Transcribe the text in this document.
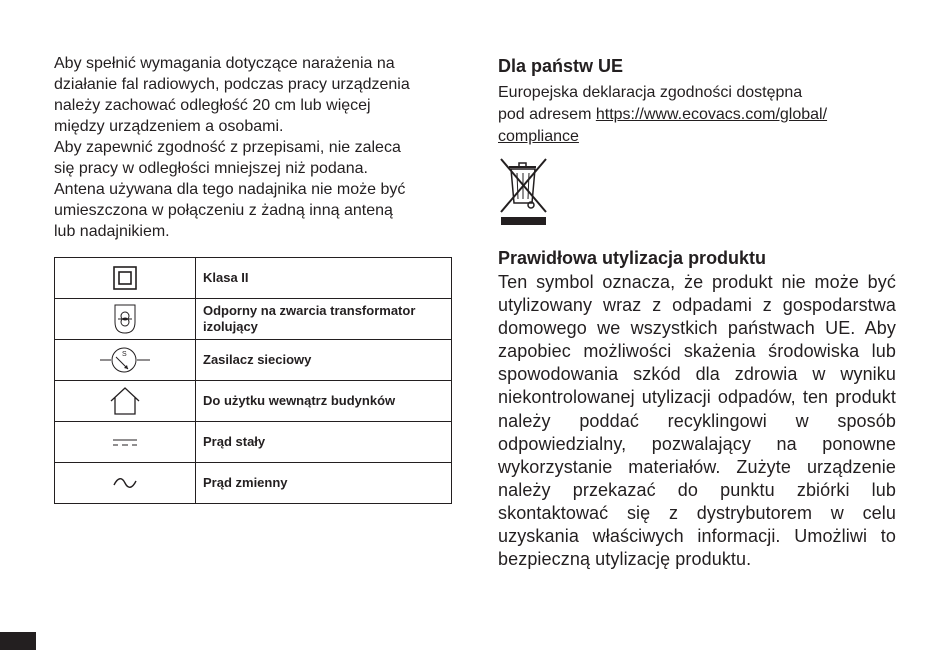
Aby spełnić wymagania dotyczące narażenia na

działanie fal radiowych, podczas pracy urządzenia

należy zachować odległość 20 cm lub więcej

między urządzeniem a osobami.

Aby zapewnić zgodność z przepisami, nie zaleca

się pracy w odległości mniejszej niż podana.

Antena używana dla tego nadajnika nie może być

umieszczona w połączeniu z żadną inną anteną

lub nadajnikiem.

	Klasa II
	Odporny na zwarcia transformator izolujący

S	Zasilacz sieciowy
	Do użytku wewnątrz budynków
	Prąd stały
	Prąd zmienny
Dla państw UE

Europejska deklaracja zgodności dostępna
pod adresem https://www.ecovacs.com/global/
compliance

Prawidłowa utylizacja produktu

Ten symbol oznacza, że produkt nie może być utylizowany wraz z odpadami z gospodarstwa domowego we wszystkich państwach UE. Aby zapobiec możliwości skażenia środowiska lub spowodowania szkód dla zdrowia w wyniku niekontrolowanej utylizacji odpadów, ten produkt należy poddać recyklingowi w sposób odpowiedzialny, pozwalający na ponowne wykorzystanie materiałów. Zużyte urządzenie należy przekazać do punktu zbiórki lub skontaktować się z dystrybutorem w celu uzyskania właściwych informacji. Umożliwi to bezpieczną utylizację produktu.
